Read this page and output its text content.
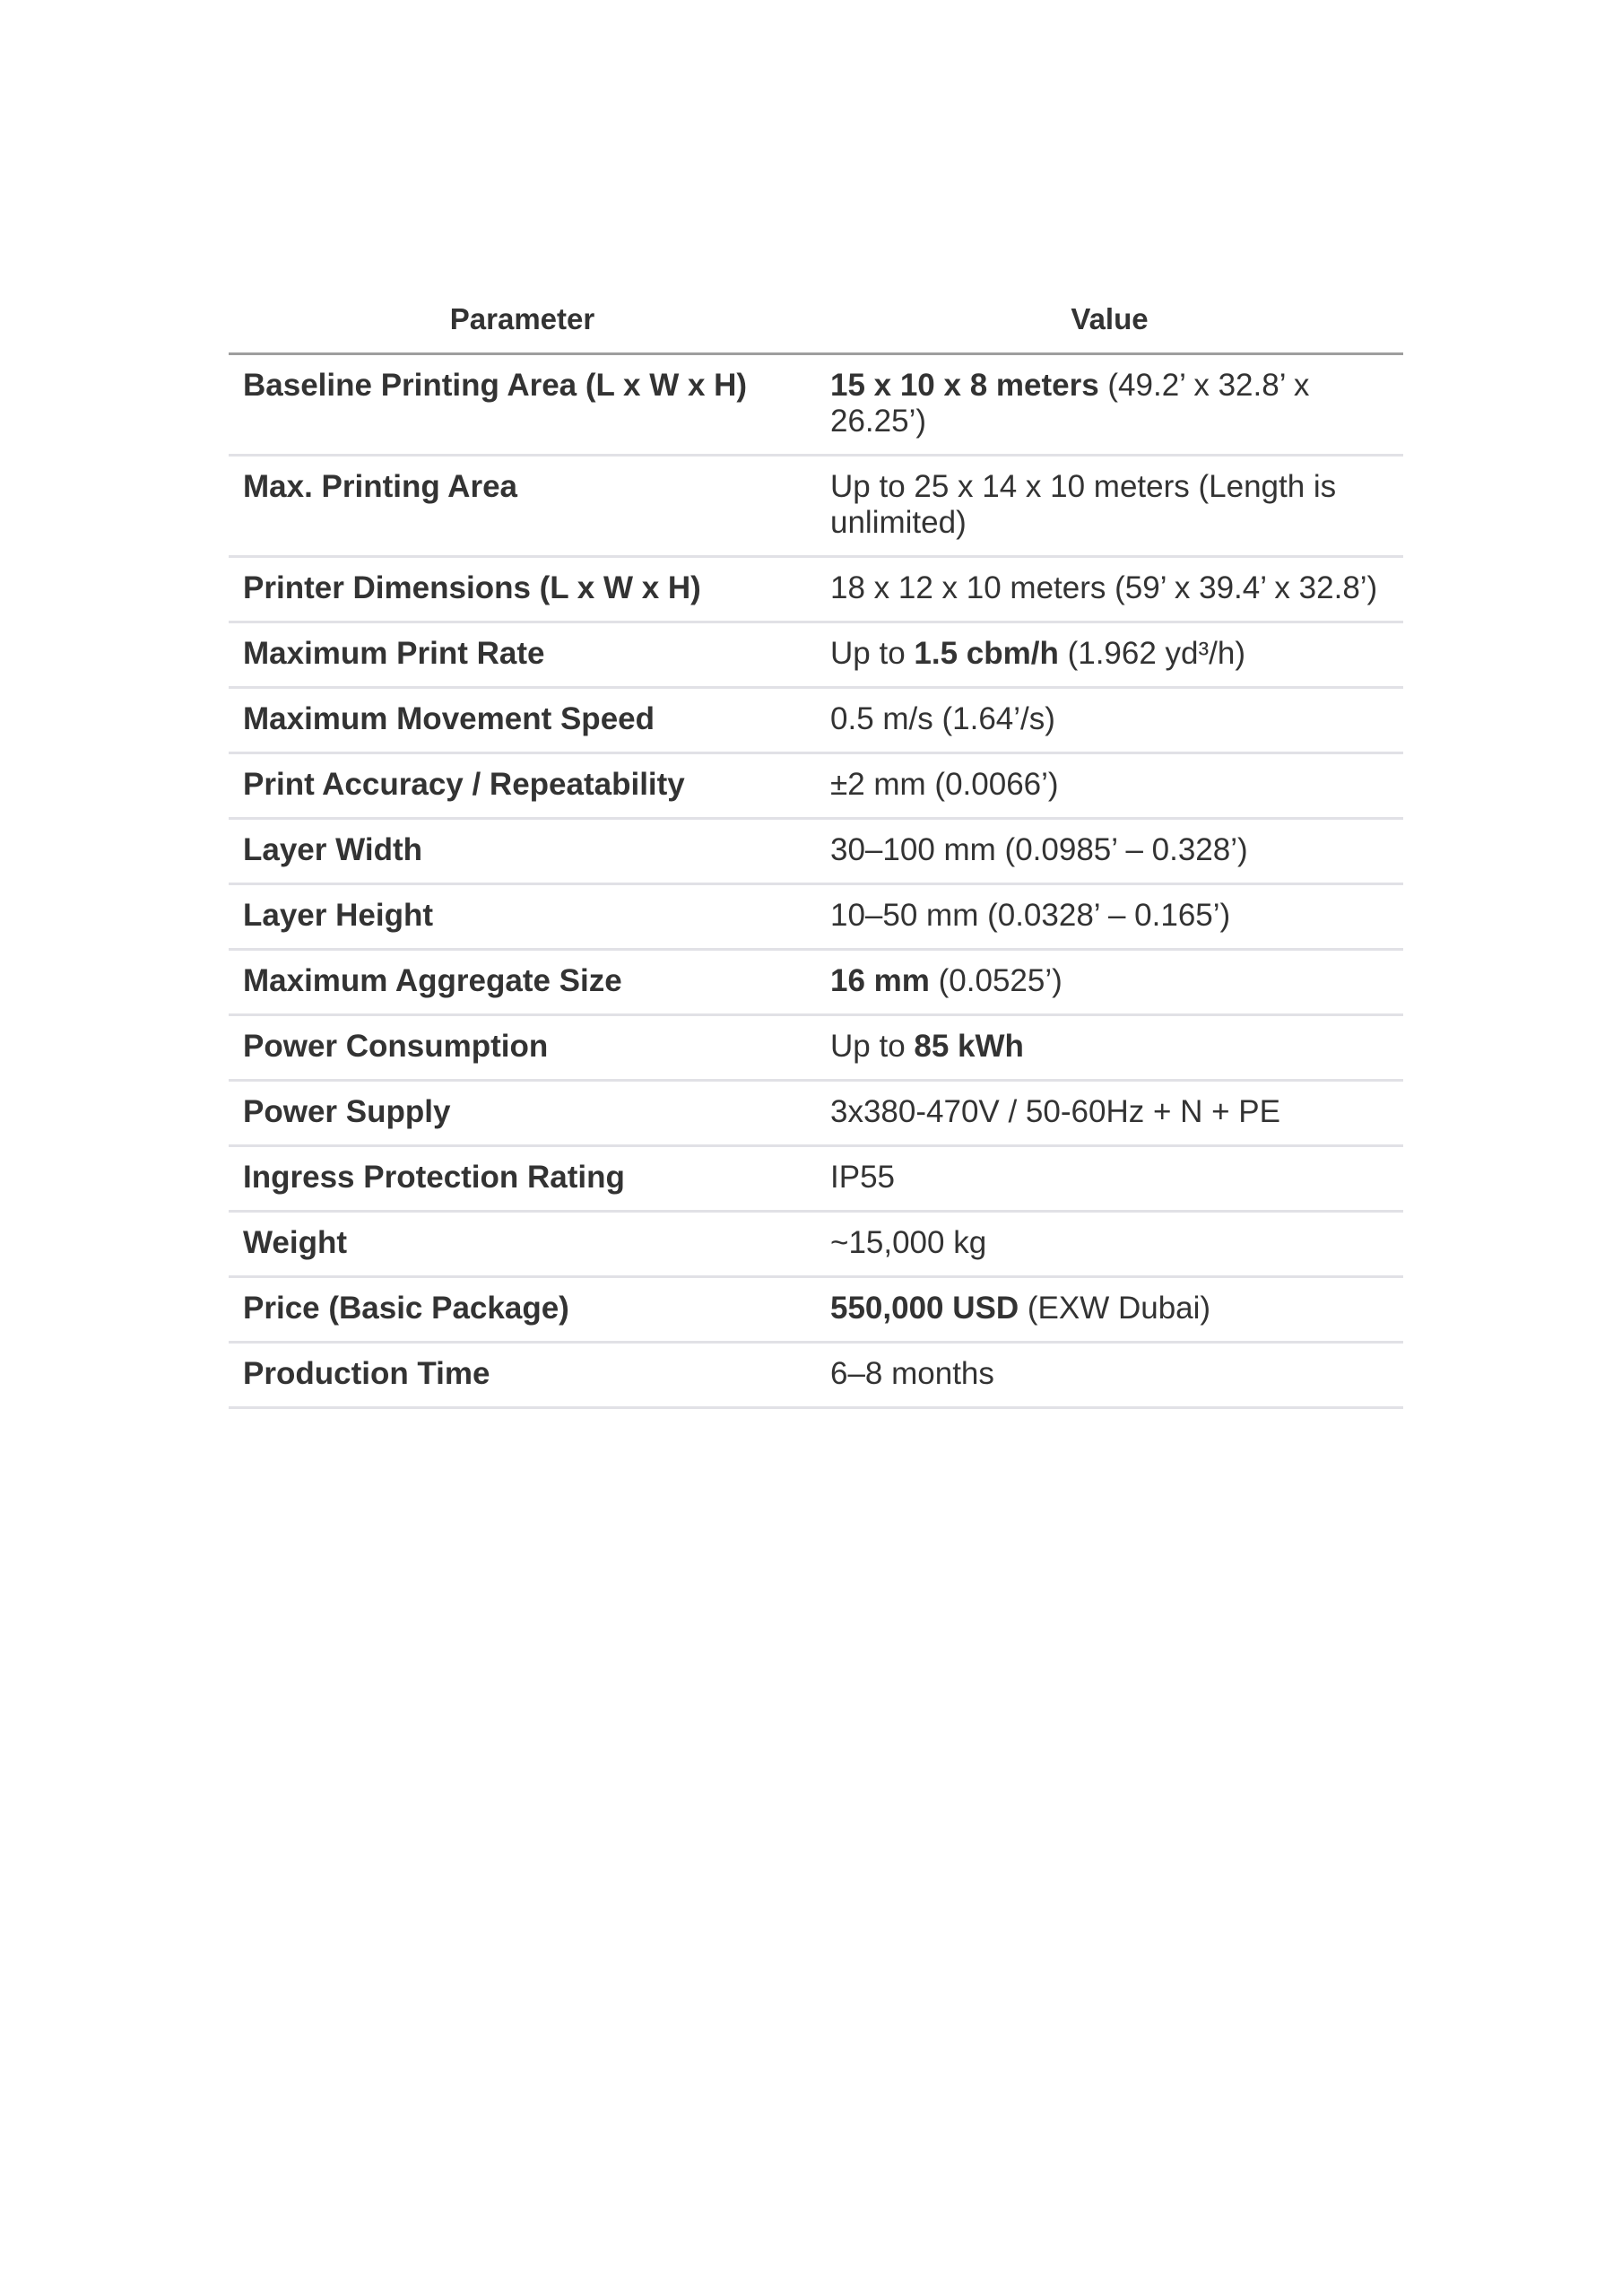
Parameter	Value
Baseline Printing Area (L x W x H)	15 x 10 x 8 meters (49.2’ x 32.8’ x 26.25’)
Max. Printing Area	Up to 25 x 14 x 10 meters (Length is unlimited)
Printer Dimensions (L x W x H)	18 x 12 x 10 meters (59’ x 39.4’ x 32.8’)
Maximum Print Rate	Up to 1.5 cbm/h (1.962 yd³/h)
Maximum Movement Speed	0.5 m/s (1.64’/s)
Print Accuracy / Repeatability	±2 mm (0.0066’)
Layer Width	30–100 mm (0.0985’ – 0.328’)
Layer Height	10–50 mm (0.0328’ – 0.165’)
Maximum Aggregate Size	16 mm (0.0525’)
Power Consumption	Up to 85 kWh
Power Supply	3x380-470V / 50-60Hz + N + PE
Ingress Protection Rating	IP55
Weight	~15,000 kg
Price (Basic Package)	550,000 USD (EXW Dubai)
Production Time	6–8 months
